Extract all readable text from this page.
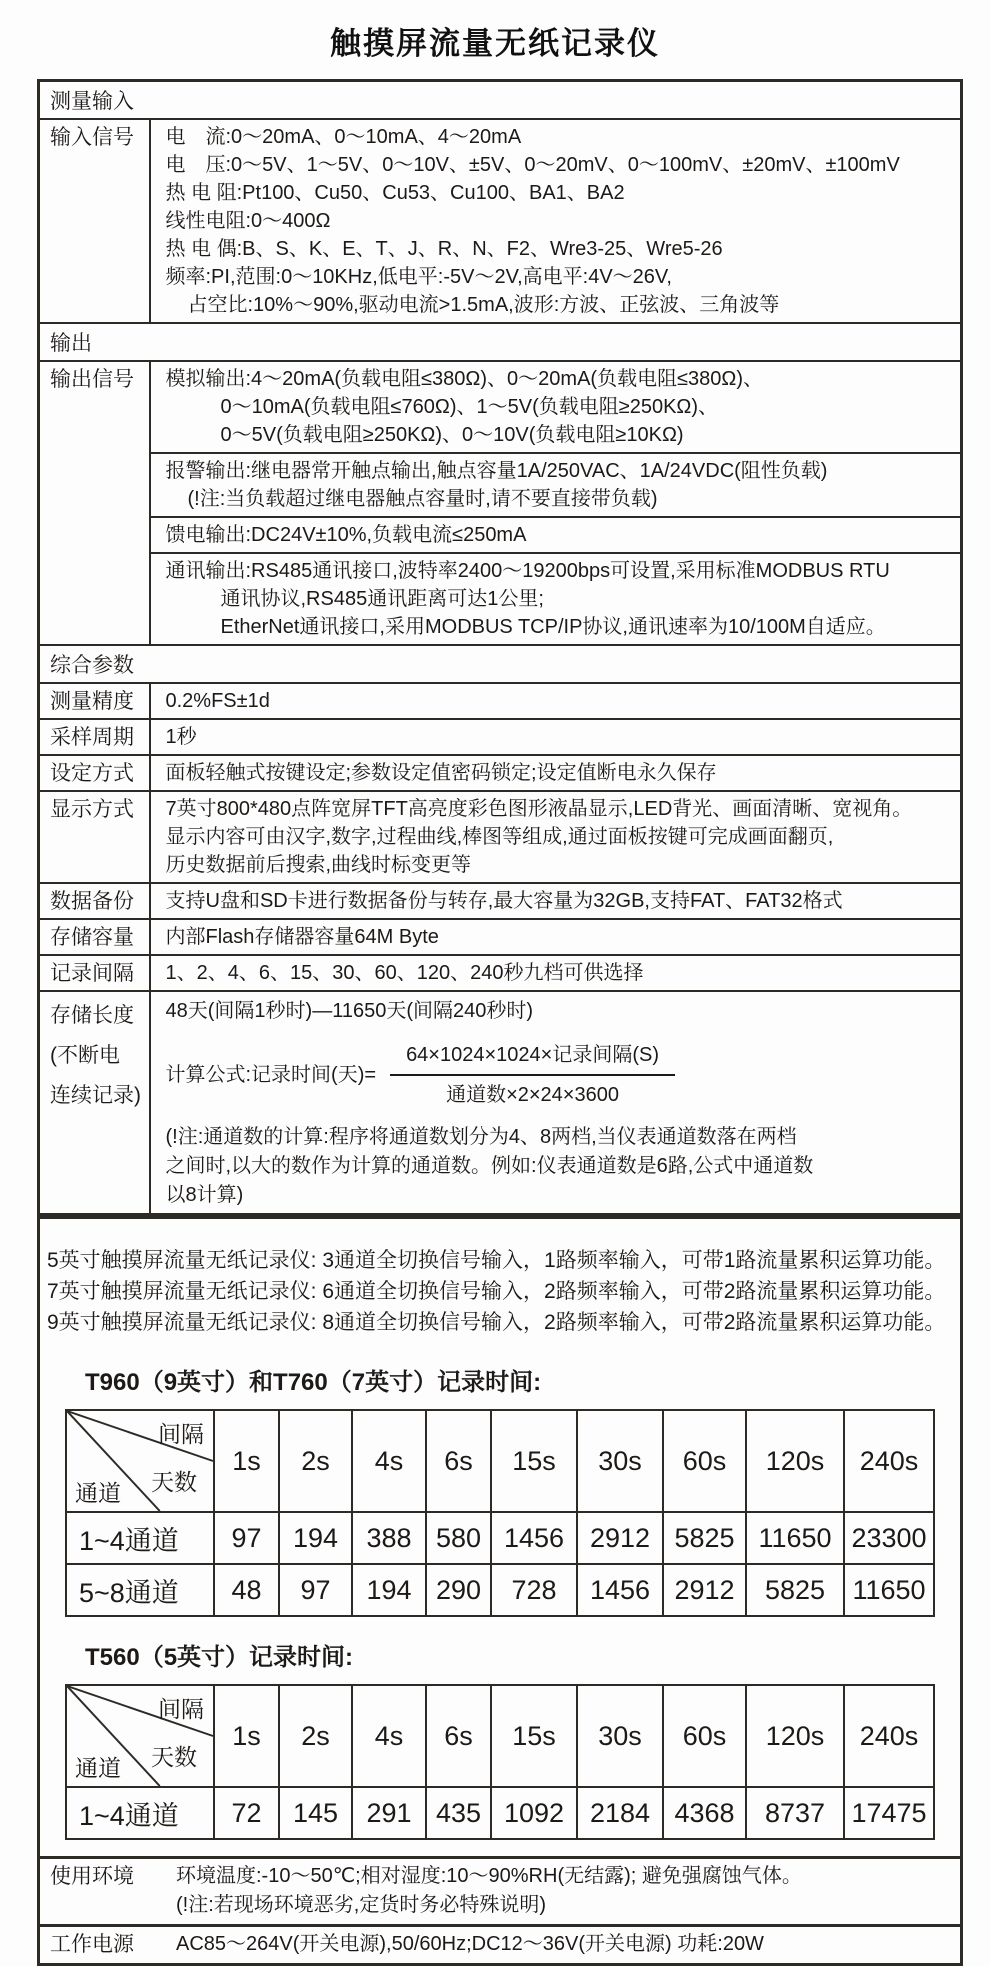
触摸屏流量无纸记录仪
测量输入	
输入信号	电　流:0～20mA、0～10mA、4～20mA
电　压:0～5V、1～5V、0～10V、±5V、0～20mV、0～100mV、±20mV、±100mV
热 电 阻:Pt100、Cu50、Cu53、Cu100、BA1、BA2
线性电阻:0～400Ω
热 电 偶:B、S、K、E、T、J、R、N、F2、Wre3-25、Wre5-26
频率:PI,范围:0～10KHz,低电平:-5V～2V,高电平:4V～26V,
占空比:10%～90%,驱动电流>1.5mA,波形:方波、正弦波、三角波等

输出	
输出信号	模拟输出:4～20mA(负载电阻≤380Ω)、0～20mA(负载电阻≤380Ω)、
0～10mA(负载电阻≤760Ω)、1～5V(负载电阻≥250KΩ)、
0～5V(负载电阻≥250KΩ)、0～10V(负载电阻≥10KΩ)

	报警输出:继电器常开触点输出,触点容量1A/250VAC、1A/24VDC(阻性负载)
(!注:当负载超过继电器触点容量时,请不要直接带负载)

	馈电输出:DC24V±10%,负载电流≤250mA

	通讯输出:RS485通讯接口,波特率2400～19200bps可设置,采用标准MODBUS RTU
通讯协议,RS485通讯距离可达1公里;
EtherNet通讯接口,采用MODBUS TCP/IP协议,通讯速率为10/100M自适应。

综合参数	
测量精度	0.2%FS±1d
采样周期	1秒
设定方式	面板轻触式按键设定;参数设定值密码锁定;设定值断电永久保存
显示方式	7英寸800*480点阵宽屏TFT高亮度彩色图形液晶显示,LED背光、画面清晰、宽视角。
显示内容可由汉字,数字,过程曲线,棒图等组成,通过面板按键可完成画面翻页,
历史数据前后搜索,曲线时标变更等

数据备份	支持U盘和SD卡进行数据备份与转存,最大容量为32GB,支持FAT、FAT32格式
存储容量	内部Flash存储器容量64M Byte
记录间隔	1、2、4、6、15、30、60、120、240秒九档可供选择

存储长度
(不断电
连续记录)

48天(间隔1秒时)—11650天(间隔240秒时)
计算公式:记录时间(天)= $\frac{\text{64×1024×1024×记录间隔(S)}}{\text{通道数×2×24×3600}}$
(!注:通道数的计算:程序将通道数划分为4、8两档,当仪表通道数落在两档
之间时,以大的数作为计算的通道数。例如:仪表通道数是6路,公式中通道数
以8计算)
5英寸触摸屏流量无纸记录仪: 3通道全切换信号输入，1路频率输入，可带1路流量累积运算功能。
7英寸触摸屏流量无纸记录仪: 6通道全切换信号输入，2路频率输入，可带2路流量累积运算功能。
9英寸触摸屏流量无纸记录仪: 8通道全切换信号输入，2路频率输入，可带2路流量累积运算功能。
T960（9英寸）和T760（7英寸）记录时间:
间隔
天数
通道
	1s	2s	4s	6s	15s	30s	60s	120s	240s
1~4通道	97	194	388	580	1456	2912	5825	11650	23300
5~8通道	48	97	194	290	728	1456	2912	5825	11650
T560（5英寸）记录时间:
间隔
天数
通道
	1s	2s	4s	6s	15s	30s	60s	120s	240s
1~4通道	72	145	291	435	1092	2184	4368	8737	17475

使用环境	环境温度:-10～50℃;相对湿度:10～90%RH(无结露); 避免强腐蚀气体。
(!注:若现场环境恶劣,定货时务必特殊说明)

工作电源	AC85～264V(开关电源),50/60Hz;DC12～36V(开关电源) 功耗:20W
